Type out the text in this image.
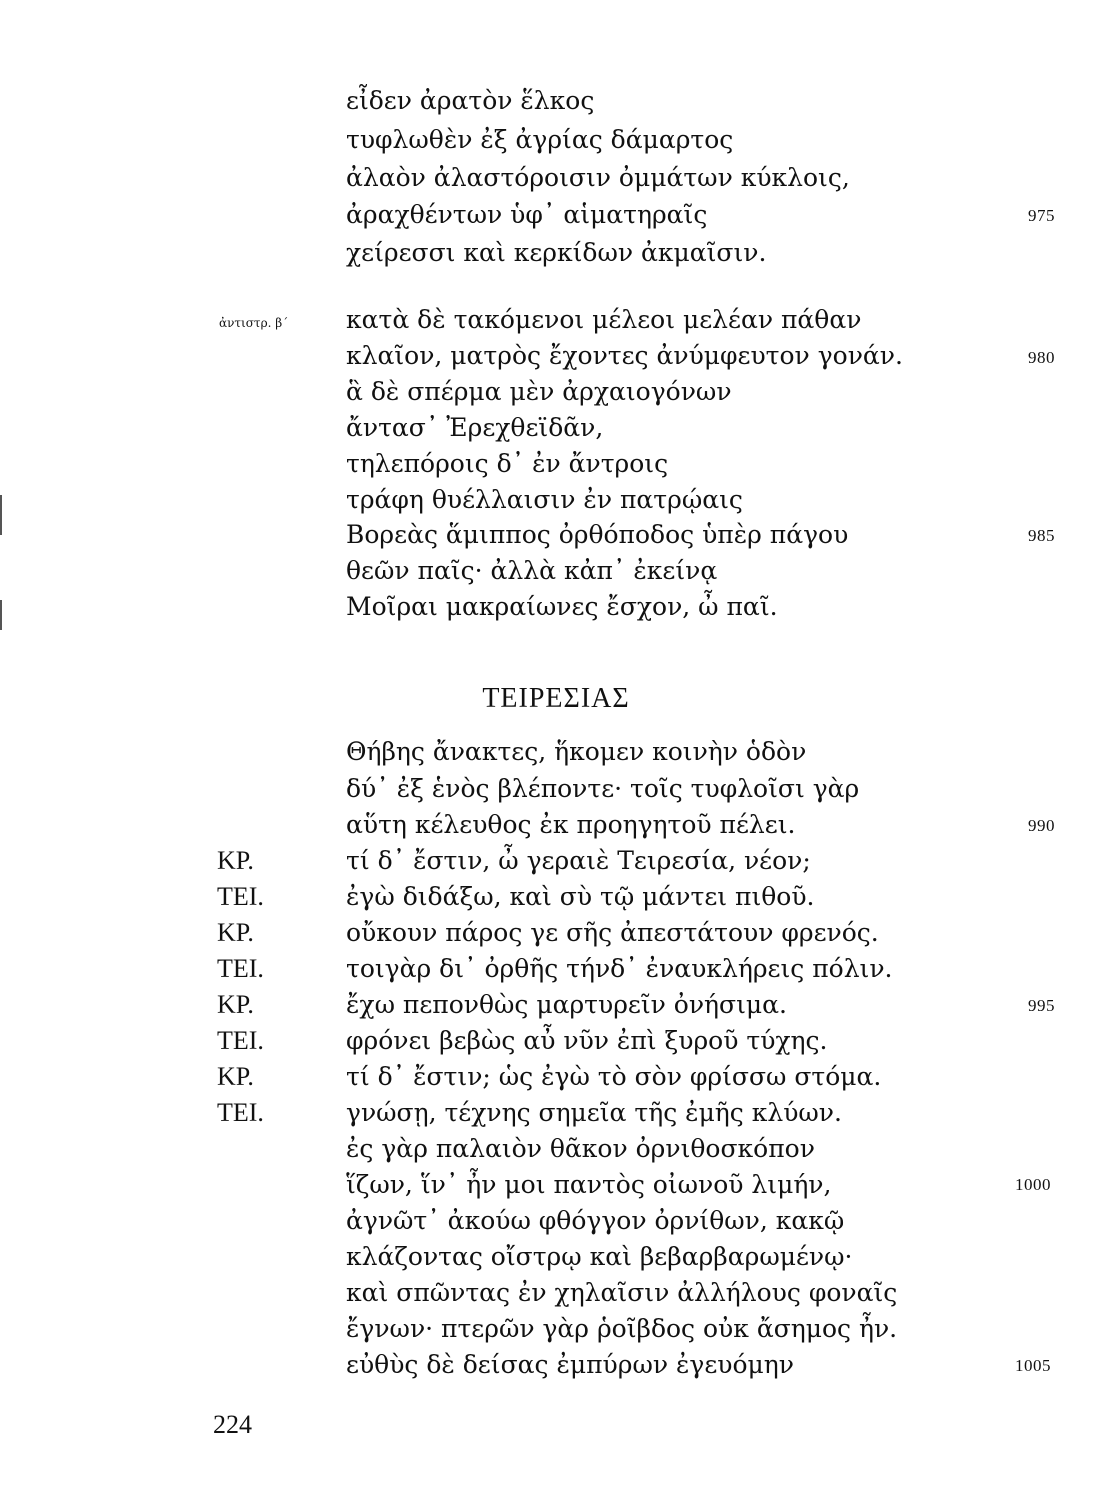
εἶδεν ἀρατὸν ἕλκος
τυφλωθὲν ἐξ ἀγρίας δάμαρτος
ἀλαὸν ἀλαστόροισιν ὀμμάτων κύκλοις,
ἀραχθέντων ὑφ᾽ αἱματηραῖς	975
χείρεσσι καὶ κερκίδων ἀκμαῖσιν.
ἀντιστρ. β´ κατὰ δὲ τακόμενοι μέλεοι μελέαν πάθαν
κλαῖον, ματρὸς ἔχοντες ἀνύμφευτον γονάν.	980
ἃ δὲ σπέρμα μὲν ἀρχαιογόνων
ἄντασ᾽ Ἐρεχθεϊδᾶν,
τηλεπόροις δ᾽ ἐν ἄντροις
τράφη θυέλλαισιν ἐν πατρῴαις
Βορεὰς ἅμιππος ὀρθόποδος ὑπὲρ πάγου	985
θεῶν παῖς· ἀλλὰ κἀπ᾽ ἐκείνᾳ
Μοῖραι μακραίωνες ἔσχον, ὦ παῖ.
ΤΕΙΡΕΣΙΑΣ
Θήβης ἄνακτες, ἥκομεν κοινὴν ὁδὸν
δύ᾽ ἐξ ἑνὸς βλέποντε· τοῖς τυφλοῖσι γὰρ
αὕτη κέλευθος ἐκ προηγητοῦ πέλει.	990
ΚΡ.	τί δ᾽ ἔστιν, ὦ γεραιὲ Τειρεσία, νέον;
ΤΕΙ.	ἐγὼ διδάξω, καὶ σὺ τῷ μάντει πιθοῦ.
ΚΡ.	οὔκουν πάρος γε σῆς ἀπεστάτουν φρενός.
ΤΕΙ.	τοιγὰρ δι᾽ ὀρθῆς τήνδ᾽ ἐναυκλήρεις πόλιν.
ΚΡ.	ἔχω πεπονθὼς μαρτυρεῖν ὀνήσιμα.	995
ΤΕΙ.	φρόνει βεβὼς αὖ νῦν ἐπὶ ξυροῦ τύχης.
ΚΡ.	τί δ᾽ ἔστιν; ὡς ἐγὼ τὸ σὸν φρίσσω στόμα.
ΤΕΙ.	γνώσῃ, τέχνης σημεῖα τῆς ἐμῆς κλύων.
ἐς γὰρ παλαιὸν θᾶκον ὀρνιθοσκόπον
ἵζων, ἵν᾽ ἦν μοι παντὸς οἰωνοῦ λιμήν,	1000
ἀγνῶτ᾽ ἀκούω φθόγγον ὀρνίθων, κακῷ
κλάζοντας οἴστρῳ καὶ βεβαρβαρωμένῳ·
καὶ σπῶντας ἐν χηλαῖσιν ἀλλήλους φοναῖς
ἔγνων· πτερῶν γὰρ ῥοῖβδος οὐκ ἄσημος ἦν.
εὐθὺς δὲ δείσας ἐμπύρων ἐγευόμην	1005
224
